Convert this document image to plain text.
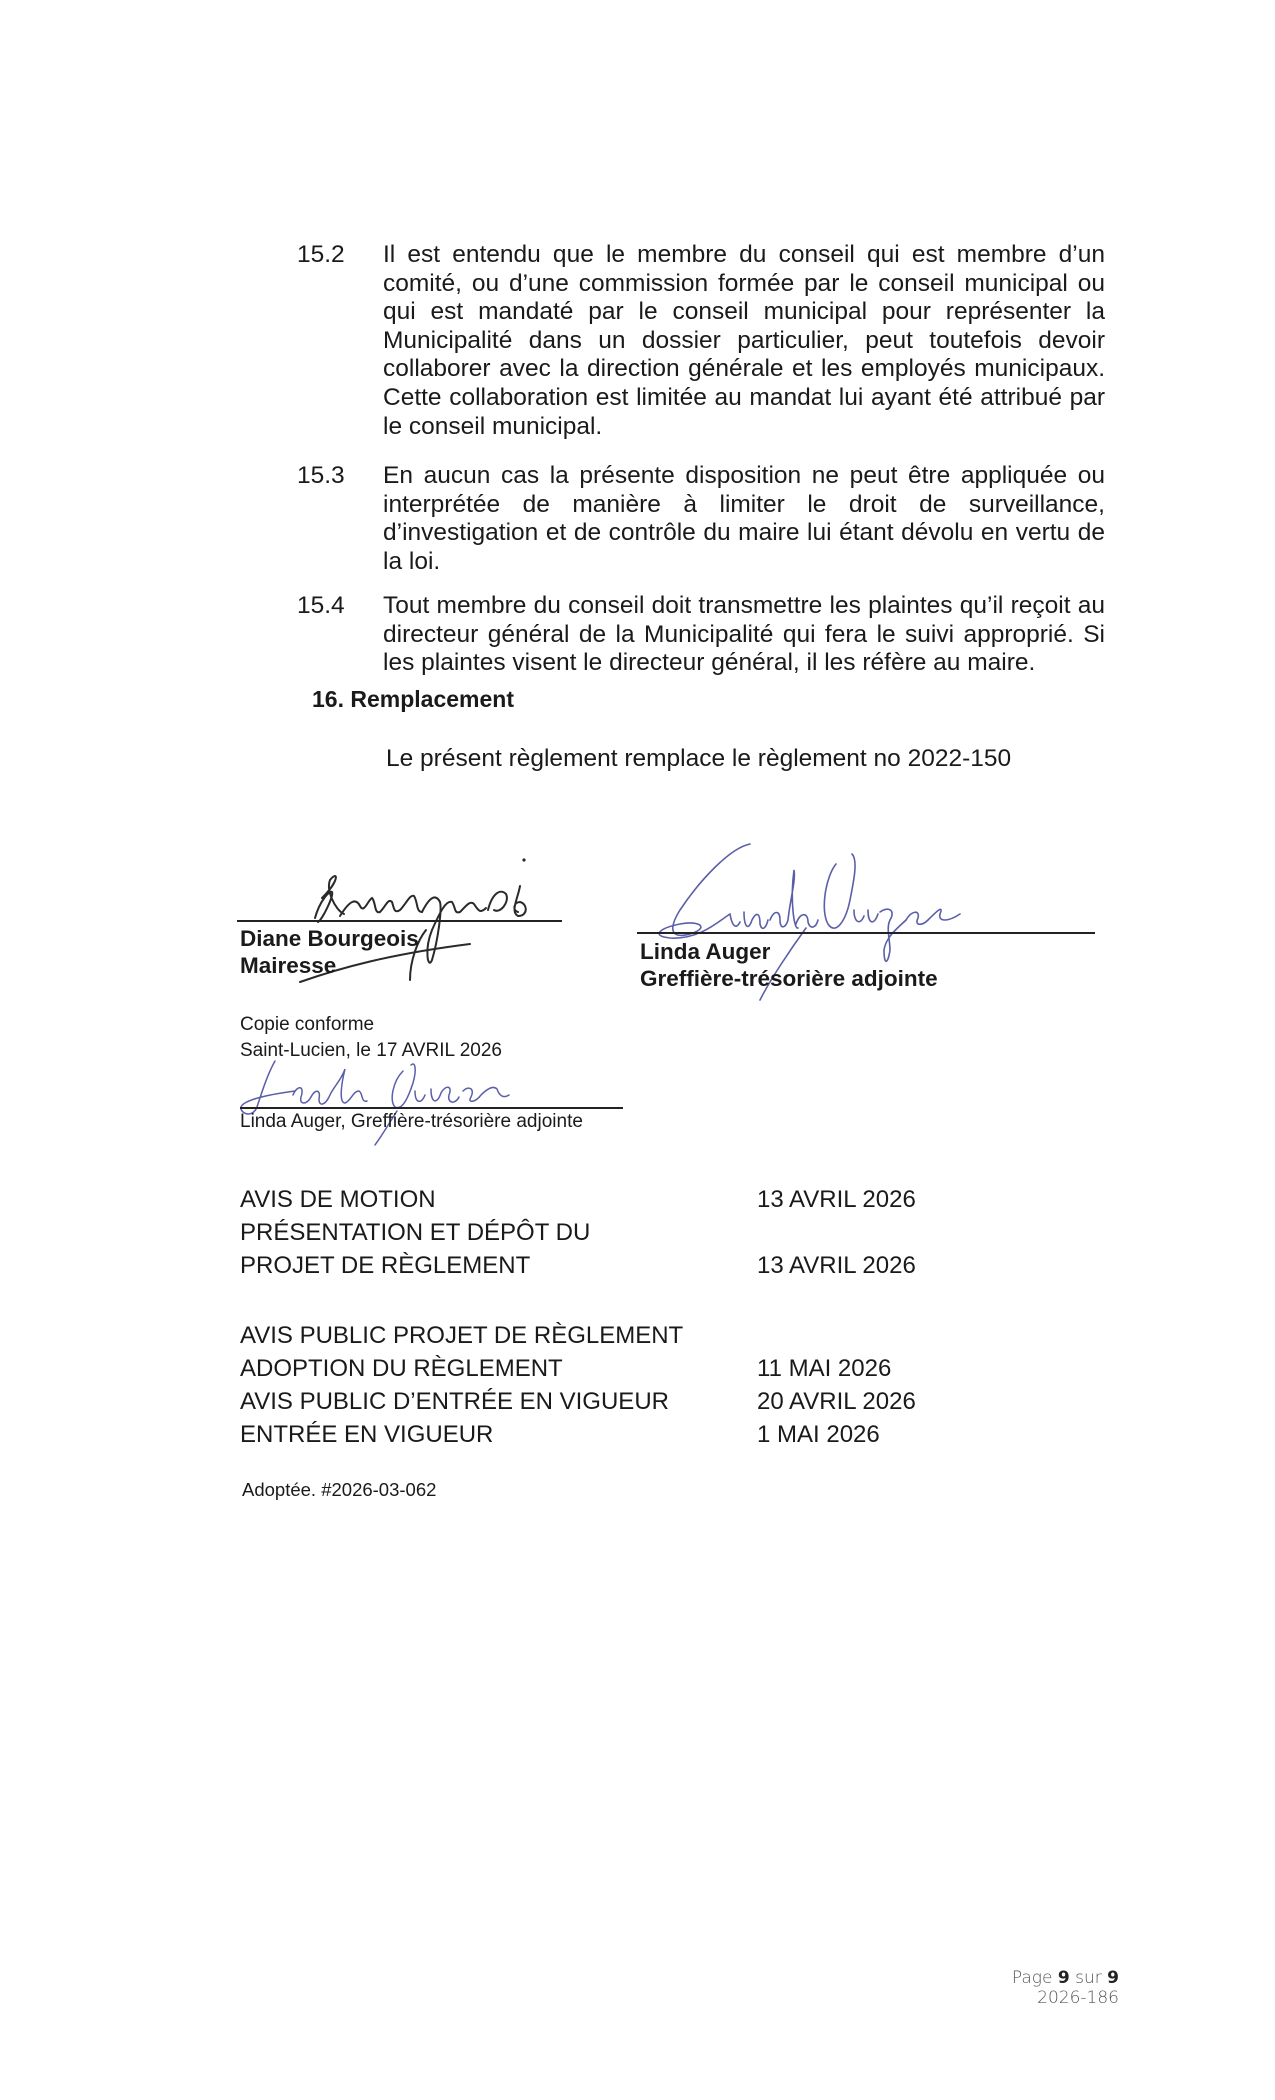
15.2 Il est entendu que le membre du conseil qui est membre d’un comité, ou d’une commission formée par le conseil municipal ou qui est mandaté par le conseil municipal pour représenter la Municipalité dans un dossier particulier, peut toutefois devoir collaborer avec la direction générale et les employés municipaux. Cette collaboration est limitée au mandat lui ayant été attribué par le conseil municipal.
15.3 En aucun cas la présente disposition ne peut être appliquée ou interprétée de manière à limiter le droit de surveillance, d’investigation et de contrôle du maire lui étant dévolu en vertu de la loi.
15.4 Tout membre du conseil doit transmettre les plaintes qu’il reçoit au directeur général de la Municipalité qui fera le suivi approprié. Si les plaintes visent le directeur général, il les réfère au maire.
16. Remplacement
Le présent règlement remplace le règlement no 2022-150
Diane Bourgeois
Mairesse
Linda Auger
Greffière-trésorière adjointe
Copie conforme
Saint-Lucien, le 17 AVRIL 2026
Linda Auger, Greffière-trésorière adjointe
AVIS DE MOTION	13 AVRIL 2026
PRÉSENTATION ET DÉPÔT DU
PROJET DE RÈGLEMENT	13 AVRIL 2026
AVIS PUBLIC PROJET DE RÈGLEMENT
ADOPTION DU RÈGLEMENT	11 MAI 2026
AVIS PUBLIC D’ENTRÉE EN VIGUEUR	20 AVRIL 2026
ENTRÉE EN VIGUEUR	1 MAI 2026
Adoptée. #2026-03-062
Page 9 sur 9
2026-186
